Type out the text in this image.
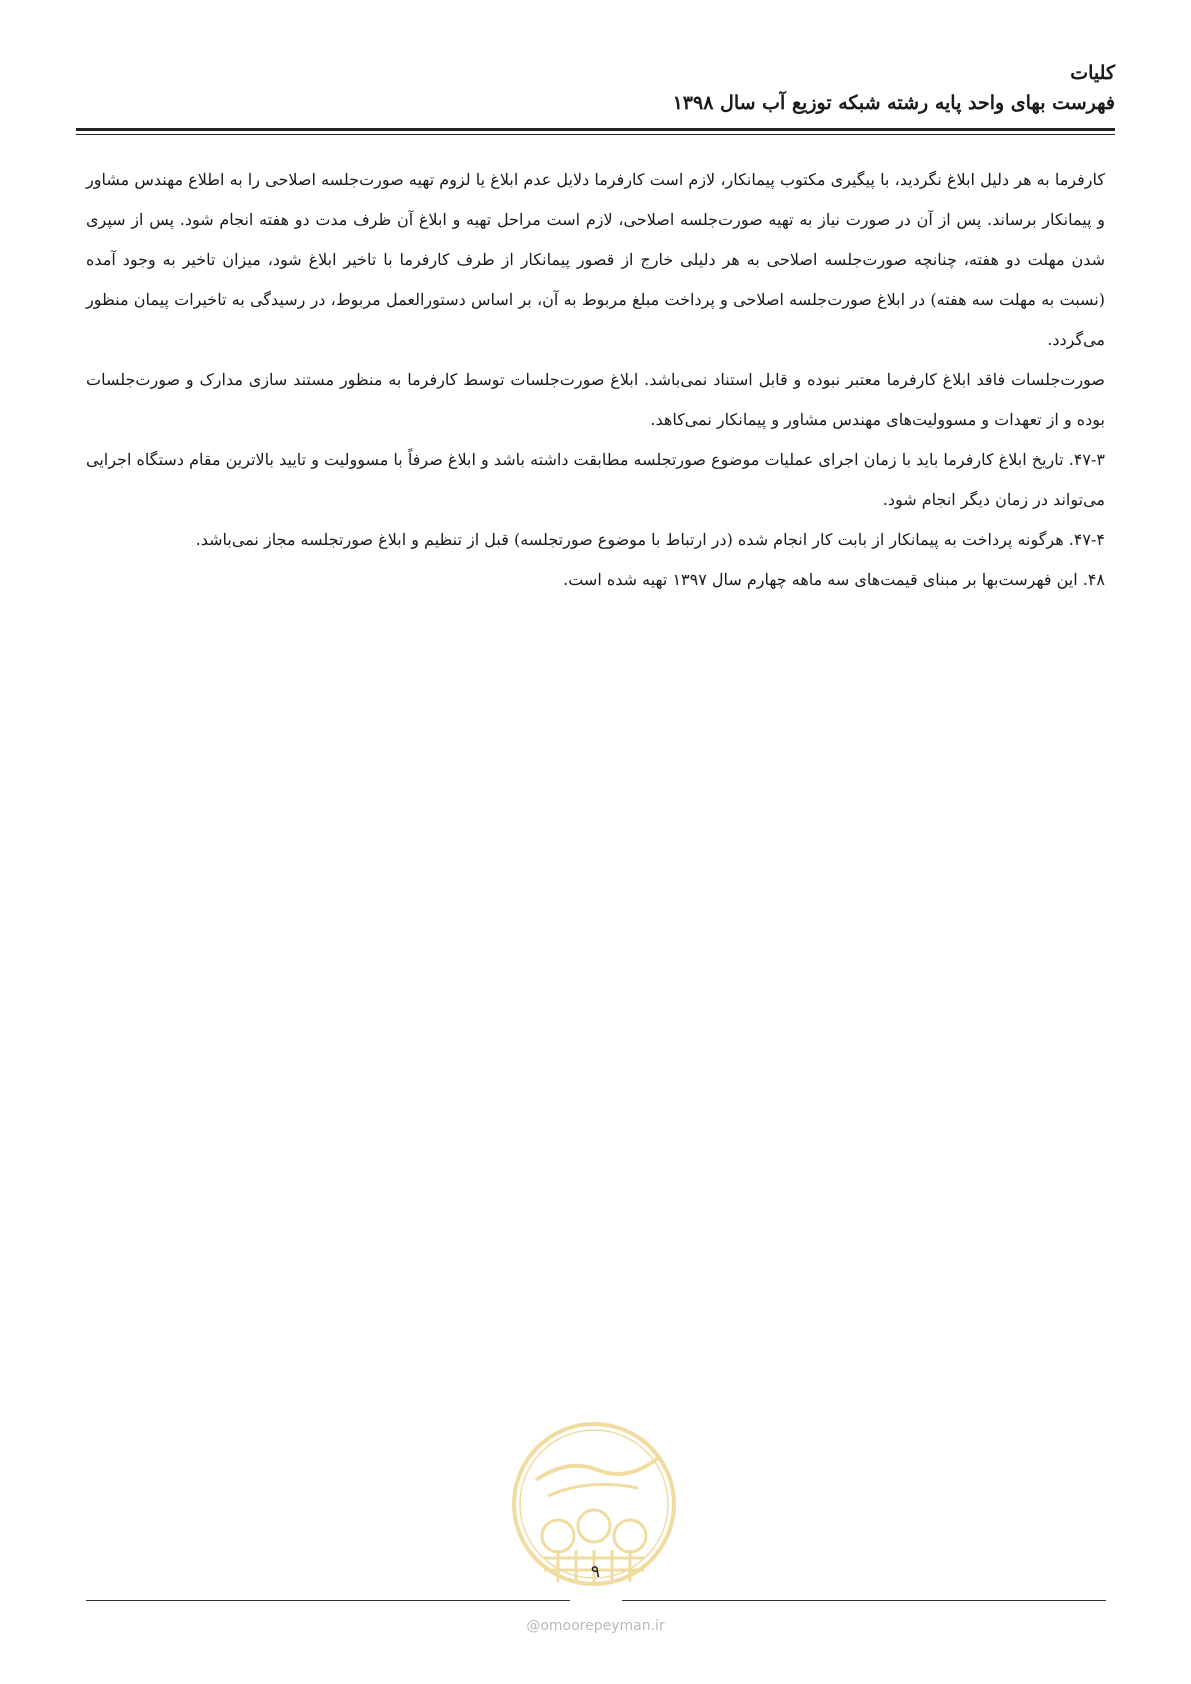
کلیات

فهرست بهای واحد پایه رشته شبکه توزیع آب سال ۱۳۹۸

کارفرما به هر دلیل ابلاغ نگردید، با پیگیری مکتوب پیمانکار، لازم است کارفرما دلایل عدم ابلاغ یا لزوم تهیه صورت‌جلسه اصلاحی را به اطلاع مهندس مشاور و پیمانکار برساند. پس از آن در صورت نیاز به تهیه صورت‌جلسه اصلاحی، لازم است مراحل تهیه و ابلاغ آن ظرف مدت دو هفته انجام شود. پس از سپری شدن مهلت دو هفته، چنانچه صورت‌جلسه اصلاحی به هر دلیلی خارج از قصور پیمانکار از طرف کارفرما با تاخیر ابلاغ شود، میزان تاخیر به وجود آمده (نسبت به مهلت سه هفته) در ابلاغ صورت‌جلسه اصلاحی و پرداخت مبلغ مربوط به آن، بر اساس دستورالعمل مربوط، در رسیدگی به تاخیرات پیمان منظور می‌گردد.

صورت‌جلسات فاقد ابلاغ کارفرما معتبر نبوده و قابل استناد نمی‌باشد. ابلاغ صورت‌جلسات توسط کارفرما به منظور مستند سازی مدارک و صورت‌جلسات بوده و از تعهدات و مسوولیت‌های مهندس مشاور و پیمانکار نمی‌کاهد.

۴۷-۳. تاریخ ابلاغ کارفرما باید با زمان اجرای عملیات موضوع صورتجلسه مطابقت داشته باشد و ابلاغ صرفاً با مسوولیت و تایید بالاترین مقام دستگاه اجرایی می‌تواند در زمان دیگر انجام شود.

۴۷-۴. هرگونه پرداخت به پیمانکار از بابت کار انجام شده (در ارتباط با موضوع صورتجلسه) قبل از تنظیم و ابلاغ صورتجلسه مجاز نمی‌باشد.

۴۸. این فهرست‌بها بر مبنای قیمت‌های سه ماهه چهارم سال ۱۳۹۷ تهیه شده است.

۹
@omoorepeyman.ir
